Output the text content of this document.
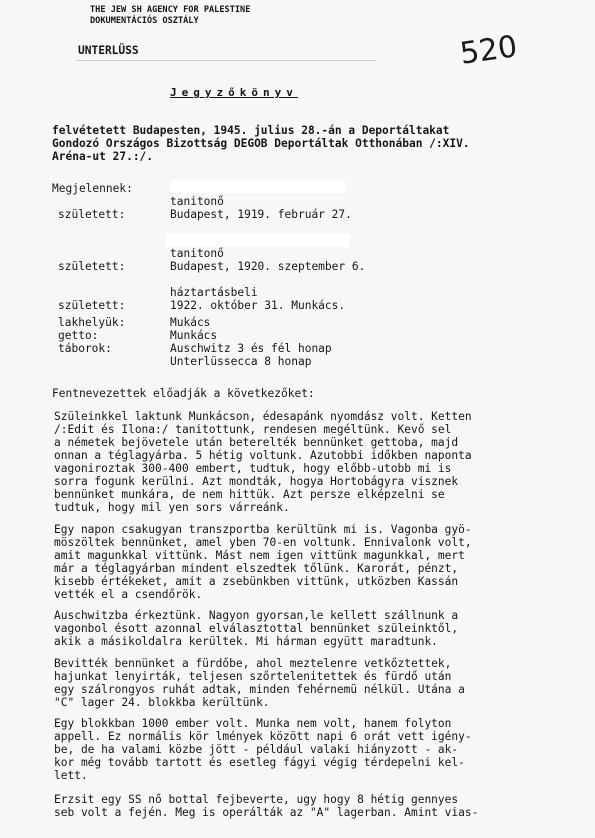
THE JEW SH AGENCY FOR PALESTINE
DOKUMENTÁCIÓS OSZTÁLY
520
UNTERLÜSS
Jegyzőkönyv
felvétetett Budapesten, 1945. julius 28.-án a Deportáltakat
Gondozó Országos Bizottság DEGOB Deportáltak Otthonában /:XIV.
Aréna-ut 27.:/.
Megjelennek:
tanitonő
született:	Budapest, 1919. február 27.
tanitonő
született:	Budapest, 1920. szeptember 6.
háztartásbeli
született:	1922. október 31. Munkács.
lakhelyük:	Mukács
getto:	Munkács
táborok:	Auschwitz 3 és fél honap
Unterlüssecca 8 honap
Fentnevezettek előadják a következőket:
Szüleinkkel laktunk Munkácson, édesapánk nyomdász volt. Ketten
/:Edit és Ilona:/ tanitottunk, rendesen megéltünk. Kevő sel
a németek bejövetele után beterelték bennünket gettoba, majd
onnan a téglagyárba. 5 hétig voltunk. Azutobbi időkben naponta
vagoniroztak 300-400 embert, tudtuk, hogy előbb-utobb mi is
sorra fogunk kerülni. Azt mondták, hogya Hortobágyra visznek
bennünket munkára, de nem hittük. Azt persze elképzelni se
tudtuk, hogy mil yen sors várreánk.
Egy napon csakugyan transzportba kerültünk mi is. Vagonba gyö-
möszöltek bennünket, amel yben 70-en voltunk. Ennivalonk volt,
amit magunkkal vittünk. Mást nem igen vittünk magunkkal, mert
már a téglagyárban mindent elszedtek tőlünk. Karorát, pénzt,
kisebb értékeket, amit a zsebünkben vittünk, utközben Kassán
vették el a csendőrök.
Auschwitzba érkeztünk. Nagyon gyorsan,le kellett szállnunk a
vagonbol ésott azonnal elválasztottal bennünket szüleinktől,
akik a másikoldalra kerültek. Mi hárman együtt maradtunk.
Bevitték bennünket a fürdőbe, ahol meztelenre vetkőztettek,
hajunkat lenyirták, teljesen szőrtelenitettek és fürdő után
egy szálrongyos ruhát adtak, minden fehérnemü nélkül. Utána a
"C" lager 24. blokkba kerültünk.
Egy blokkban 1000 ember volt. Munka nem volt, hanem folyton
appell. Ez normális kör lmények között napi 6 orát vett igény-
be, de ha valami közbe jött - például valaki hiányzott - ak-
kor még tovább tartott és esetleg fágyi végig térdepelni kel-
lett.
Erzsit egy SS nő bottal fejbeverte, ugy hogy 8 hétig gennyes
seb volt a fején. Meg is operálták az "A" lagerban. Amint vias-
